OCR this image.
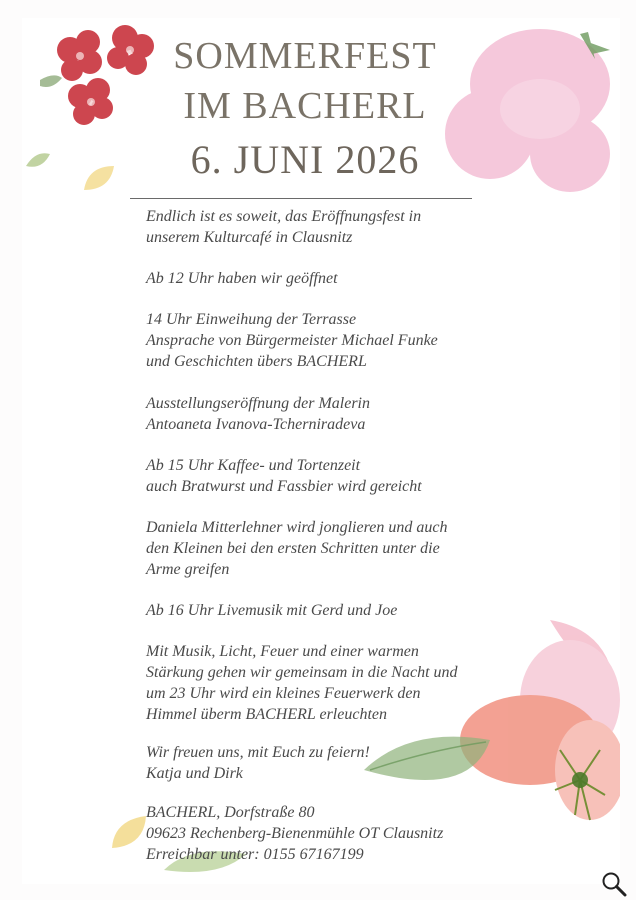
SOMMERFEST
IM BACHERL
6. JUNI 2026
Endlich ist es soweit, das Eröffnungsfest in
unserem Kulturcafé in Clausnitz
Ab 12 Uhr haben wir geöffnet
14 Uhr Einweihung der Terrasse
Ansprache von Bürgermeister Michael Funke
und Geschichten übers BACHERL
Ausstellungseröffnung der Malerin
Antoaneta Ivanova-Tcherniradeva
Ab 15 Uhr Kaffee- und Tortenzeit
auch Bratwurst und Fassbier wird gereicht
Daniela Mitterlehner wird jonglieren und auch
den Kleinen bei den ersten Schritten unter die
Arme greifen
Ab 16 Uhr Livemusik mit Gerd und Joe
Mit Musik, Licht, Feuer und einer warmen
Stärkung gehen wir gemeinsam in die Nacht und
um 23 Uhr wird ein kleines Feuerwerk den
Himmel überm BACHERL erleuchten
Wir freuen uns, mit Euch zu feiern!
Katja und Dirk
BACHERL, Dorfstraße 80
09623 Rechenberg-Bienenmühle OT Clausnitz
Erreichbar unter: 0155 67167199
